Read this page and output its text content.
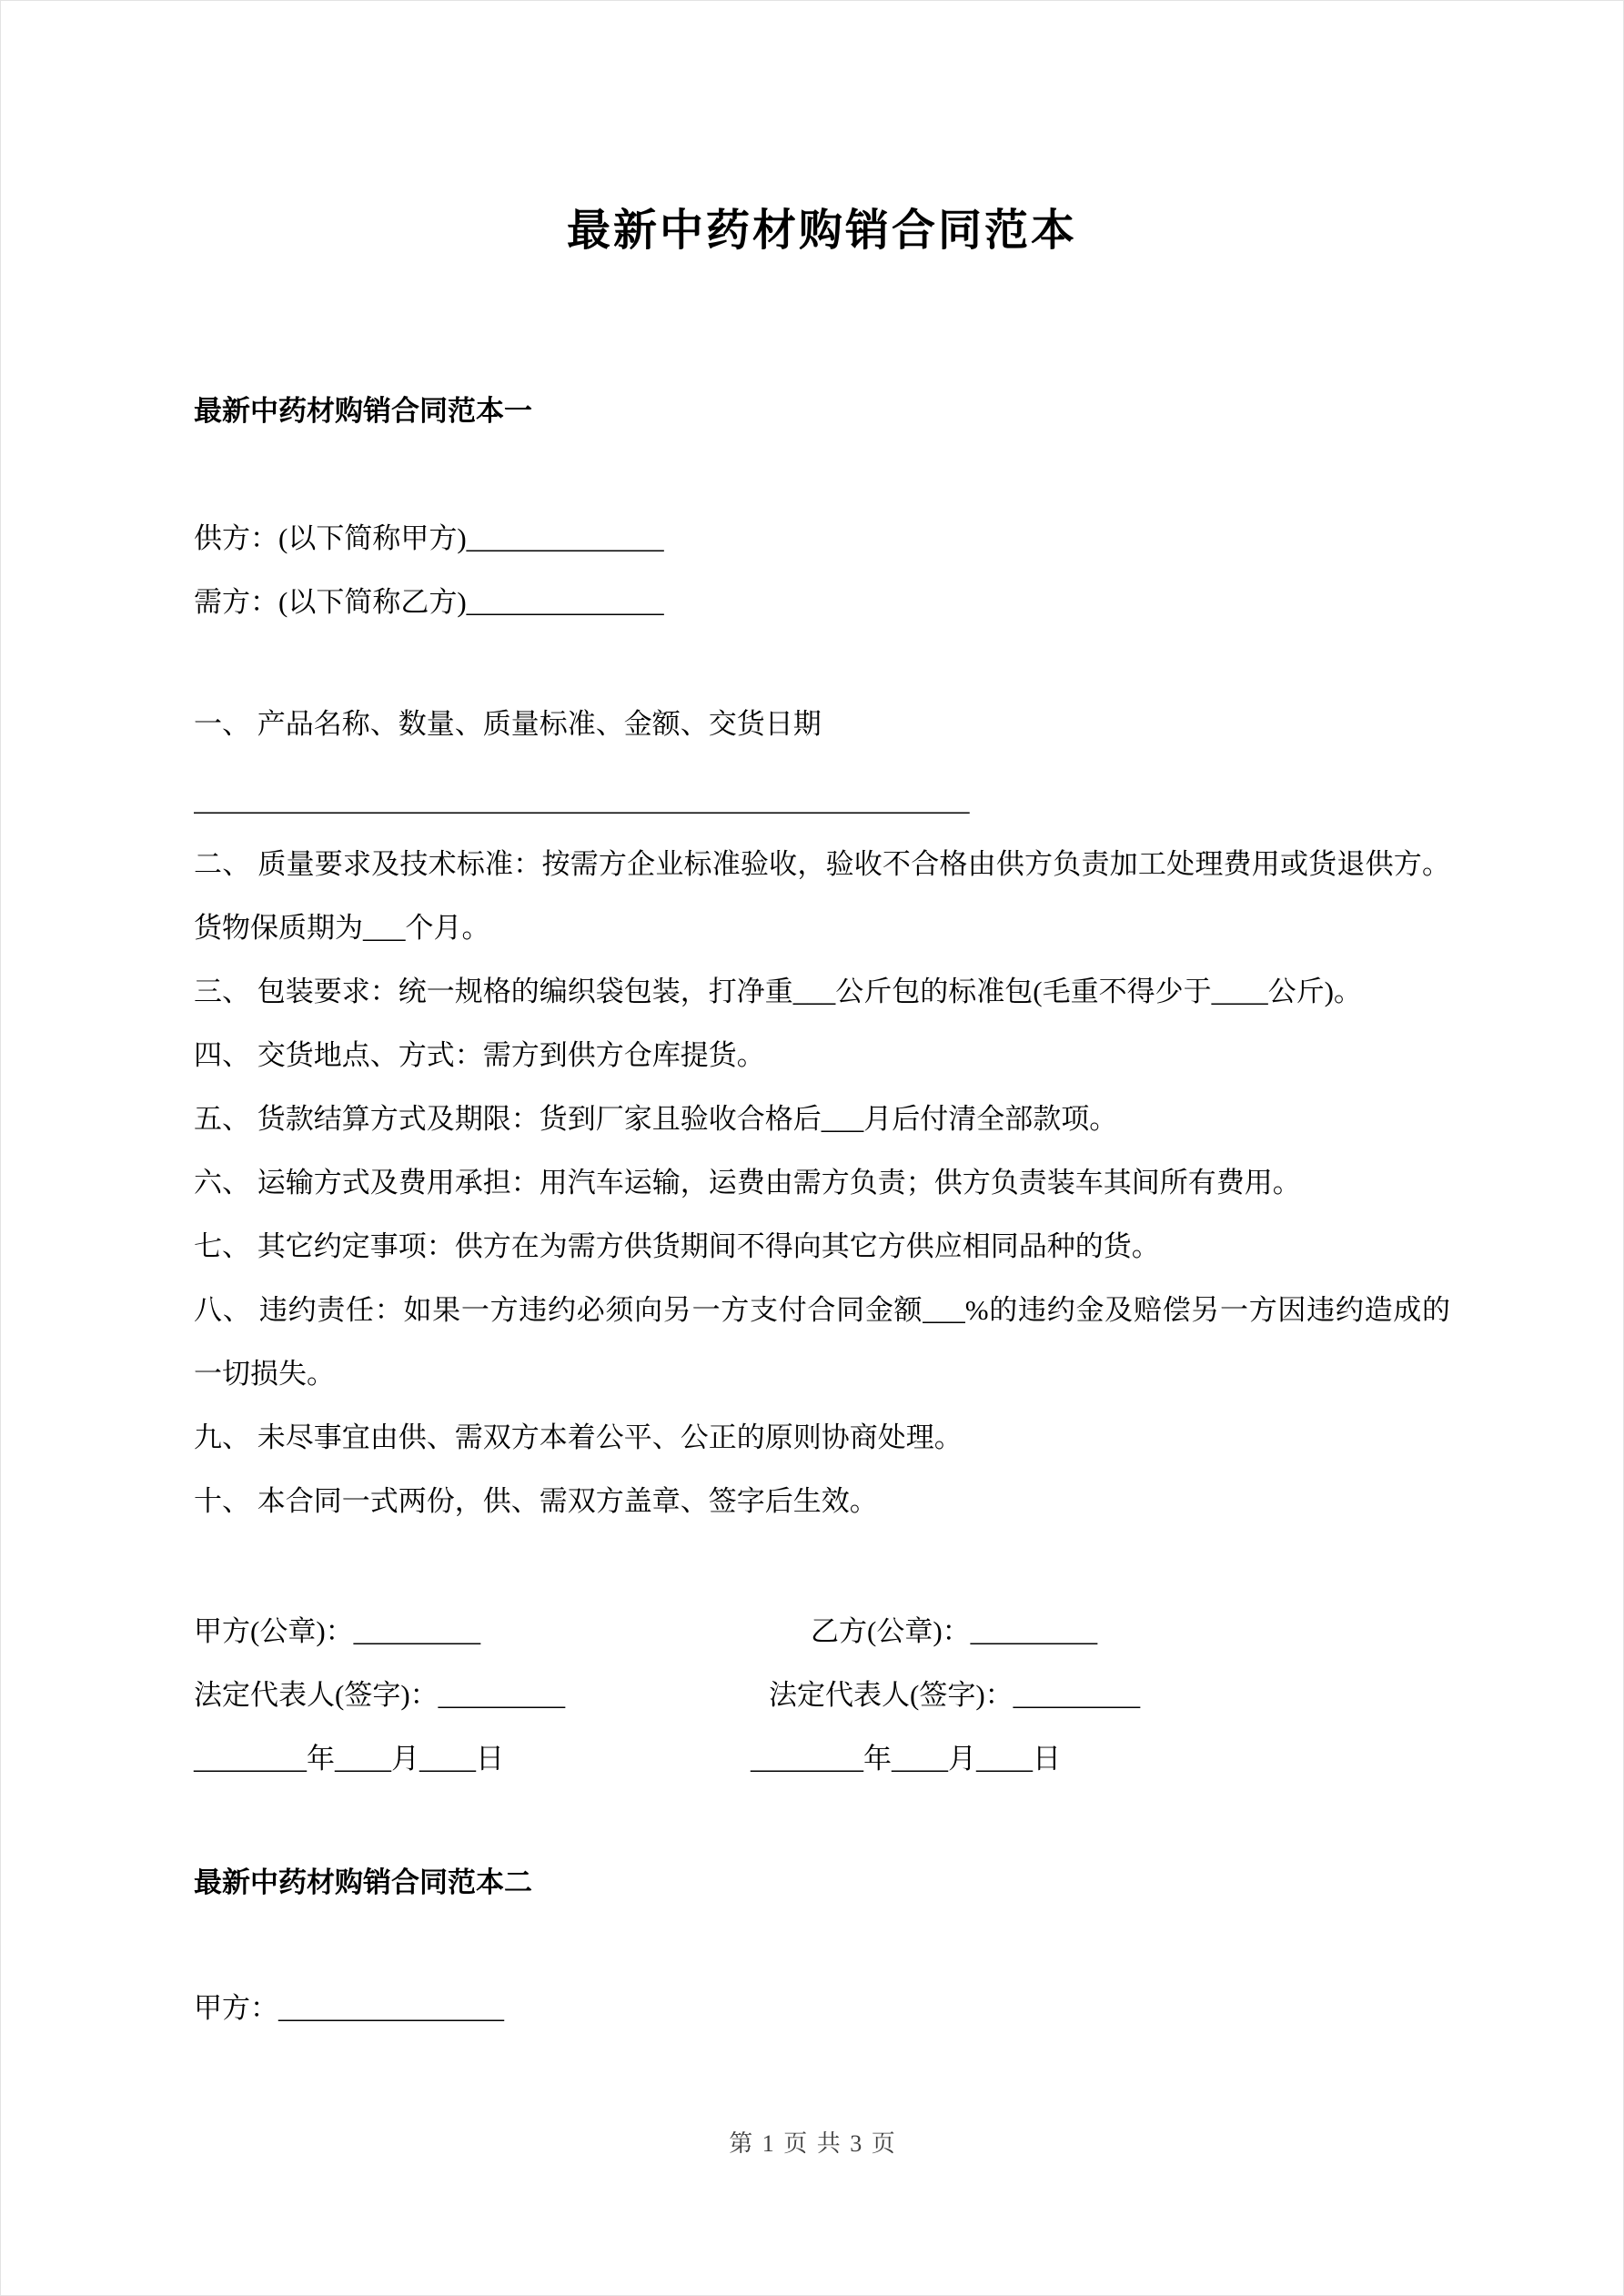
最新中药材购销合同范本

最新中药材购销合同范本一

供方：(以下简称甲方)______________

需方：(以下简称乙方)______________

一、 产品名称、数量、质量标准、金额、交货日期

_______________________________________________________

二、 质量要求及技术标准：按需方企业标准验收，验收不合格由供方负责加工处理费用或货退供方。货物保质期为___个月。

三、 包装要求：统一规格的编织袋包装，打净重___公斤包的标准包(毛重不得少于____公斤)。

四、 交货地点、方式：需方到供方仓库提货。

五、 货款结算方式及期限：货到厂家且验收合格后___月后付清全部款项。

六、 运输方式及费用承担：用汽车运输，运费由需方负责；供方负责装车其间所有费用。

七、 其它约定事项：供方在为需方供货期间不得向其它方供应相同品种的货。

八、 违约责任：如果一方违约必须向另一方支付合同金额___%的违约金及赔偿另一方因违约造成的一切损失。

九、 未尽事宜由供、需双方本着公平、公正的原则协商处理。

十、 本合同一式两份，供、需双方盖章、签字后生效。

甲方(公章)：_________	乙方(公章)：_________

法定代表人(签字)：_________	法定代表人(签字)：_________

________年____月____日	________年____月____日

最新中药材购销合同范本二

甲方：________________

第 1 页 共 3 页
